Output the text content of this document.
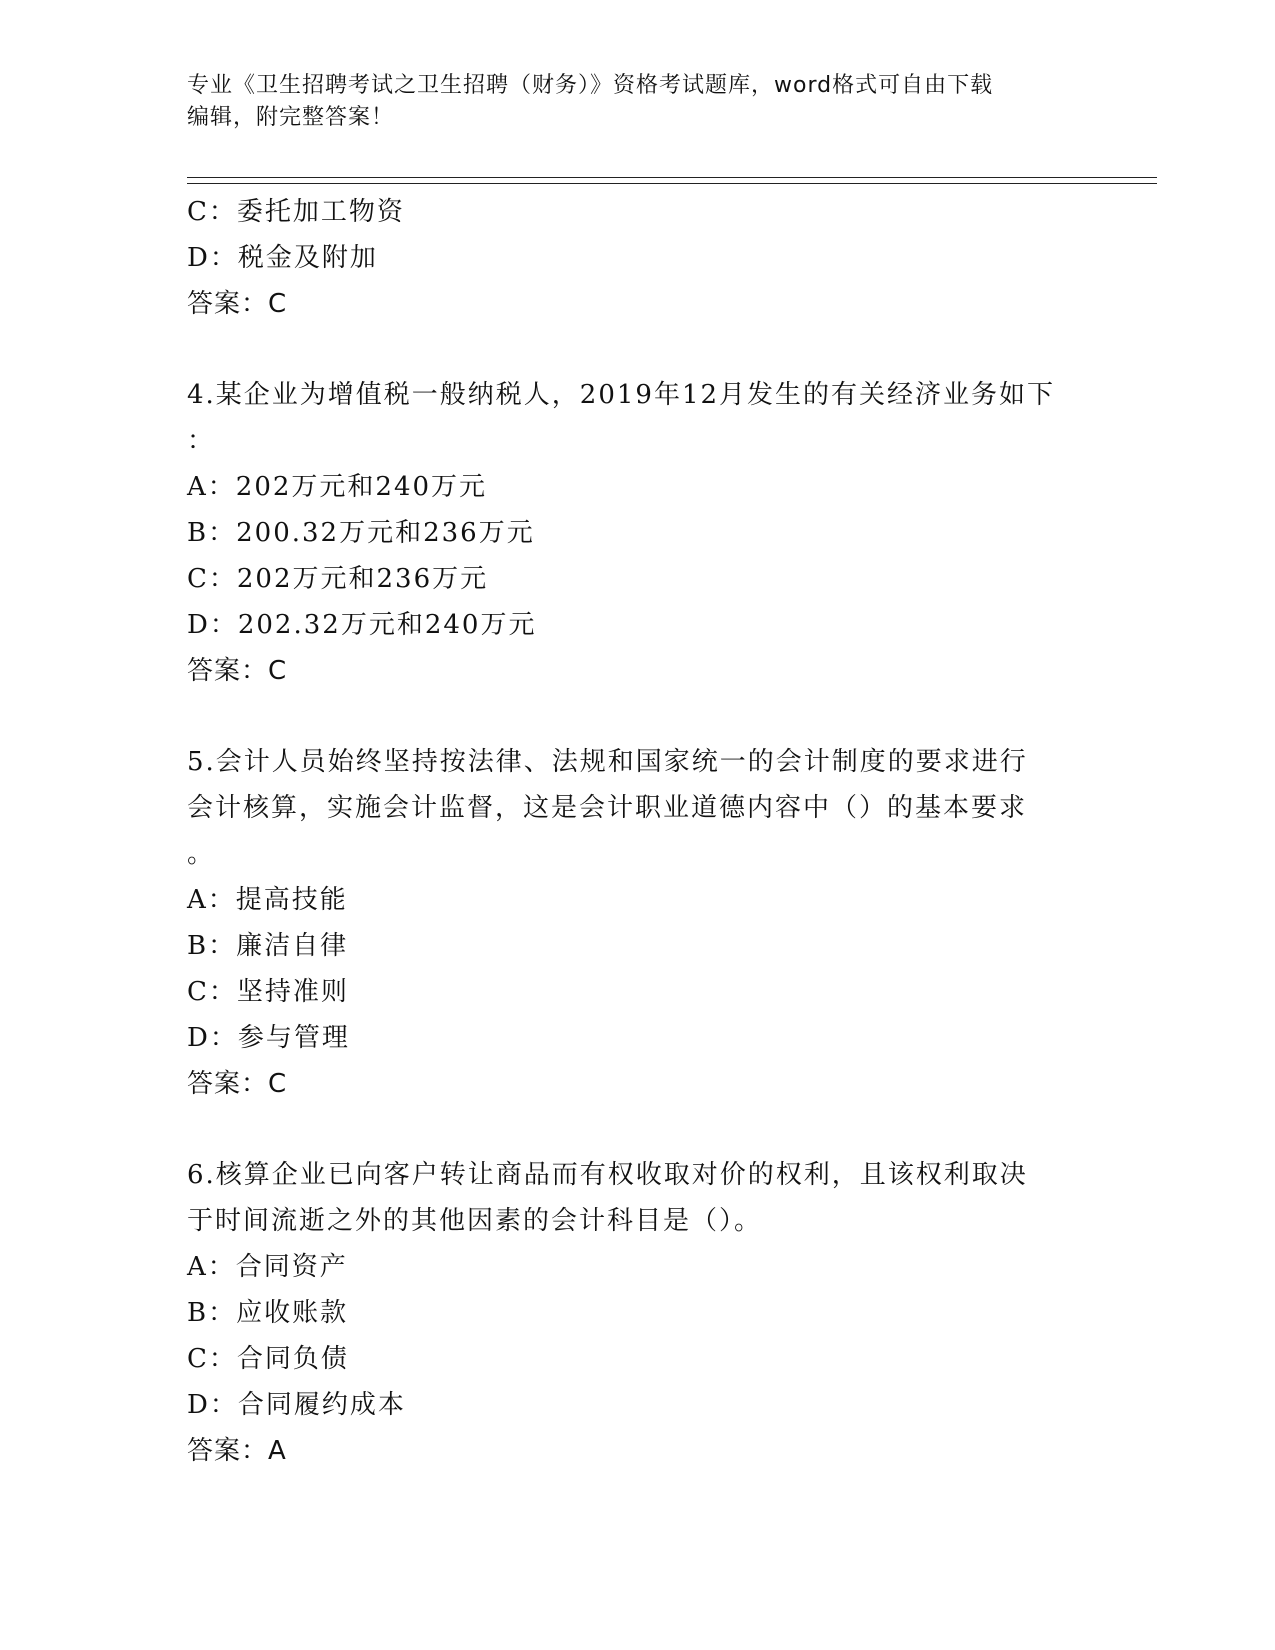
专业《卫生招聘考试之卫生招聘（财务）》资格考试题库，word格式可自由下载
编辑，附完整答案！
C：委托加工物资
D：税金及附加
答案：C
4.某企业为增值税一般纳税人，2019年12月发生的有关经济业务如下
：
A：202万元和240万元
B：200.32万元和236万元
C：202万元和236万元
D：202.32万元和240万元
答案：C
5.会计人员始终坚持按法律、法规和国家统一的会计制度的要求进行
会计核算，实施会计监督，这是会计职业道德内容中（）的基本要求
。
A：提高技能
B：廉洁自律
C：坚持准则
D：参与管理
答案：C
6.核算企业已向客户转让商品而有权收取对价的权利，且该权利取决
于时间流逝之外的其他因素的会计科目是（）。
A：合同资产
B：应收账款
C：合同负债
D：合同履约成本
答案：A
